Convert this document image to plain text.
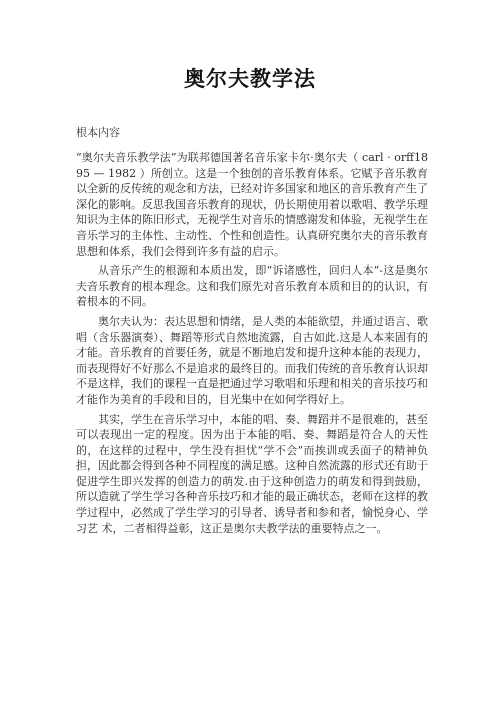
奥尔夫教学法
根本内容

“奥尔夫音乐教学法”为联邦德国著名音乐家卡尔·奥尔夫（ carl · orff1895 — 1982 ）所创立。这是一个独创的音乐教育体系。它赋予音乐教育以全新的反传统的观念和方法，已经对许多国家和地区的音乐教育产生了深化的影响。反思我国音乐教育的现状，仍长期使用着以歌唱、教学乐理知识为主体的陈旧形式，无视学生对音乐的情感谢发和体验，无视学生在音乐学习的主体性、主动性、个性和创造性。认真研究奥尔夫的音乐教育思想和体系，我们会得到许多有益的启示。

从音乐产生的根源和本质出发，即“诉诸感性，回归人本”-这是奥尔夫音乐教育的根本理念。这和我们原先对音乐教育本质和目的的认识，有着根本的不同。

奥尔夫认为：表达思想和情绪，是人类的本能欲望，并通过语言、歌唱（含乐器演奏）、舞蹈等形式自然地流露，自古如此.这是人本来固有的才能。音乐教育的首要任务，就是不断地启发和提升这种本能的表现力，而表现得好不好那么不是追求的最终目的。而我们传统的音乐教育认识却不是这样，我们的课程一直是把通过学习歌唱和乐理和相关的音乐技巧和才能作为美育的手段和目的，目光集中在如何学得好上。

其实，学生在音乐学习中，本能的唱、奏、舞蹈并不是很难的，甚至可以表现出一定的程度。因为出于本能的唱、奏、舞蹈是符合人的天性的，在这样的过程中，学生没有担忧“学不会”而挨训或丢面子的精神负担，因此都会得到各种不同程度的满足感。这种自然流露的形式还有助于促进学生即兴发挥的创造力的萌发.由于这种创造力的萌发和得到鼓励，所以造就了学生学习各种音乐技巧和才能的最正确状态，老师在这样的教学过程中，必然成了学生学习的引导者、诱导者和参和者，愉悦身心、学习艺 术，二者相得益彰，这正是奥尔夫教学法的重要特点之一。
